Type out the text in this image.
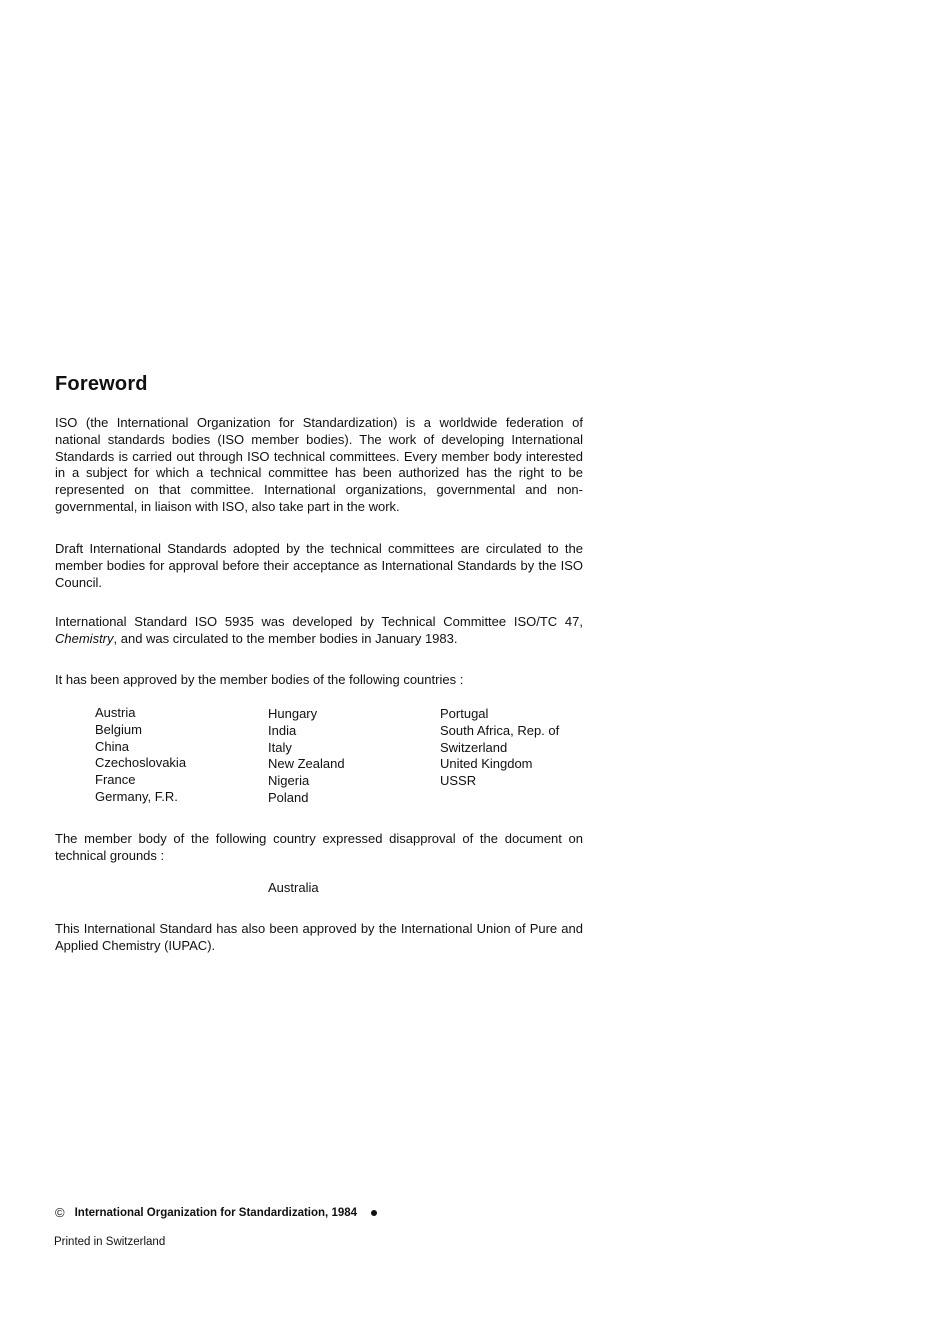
Foreword

ISO (the International Organization for Standardization) is a worldwide federation of national standards bodies (ISO member bodies). The work of developing International Standards is carried out through ISO technical committees. Every member body interested in a subject for which a technical committee has been authorized has the right to be represented on that committee. International organizations, governmental and non-governmental, in liaison with ISO, also take part in the work.

Draft International Standards adopted by the technical committees are circulated to the member bodies for approval before their acceptance as International Standards by the ISO Council.

International Standard ISO 5935 was developed by Technical Committee ISO/TC 47, Chemistry, and was circulated to the member bodies in January 1983.

It has been approved by the member bodies of the following countries :

Austria
Belgium
China
Czechoslovakia
France
Germany, F.R.
Hungary
India
Italy
New Zealand
Nigeria
Poland
Portugal
South Africa, Rep. of
Switzerland
United Kingdom
USSR

The member body of the following country expressed disapproval of the document on technical grounds :

Australia

This International Standard has also been approved by the International Union of Pure and Applied Chemistry (IUPAC).

© International Organization for Standardization, 1984

Printed in Switzerland
